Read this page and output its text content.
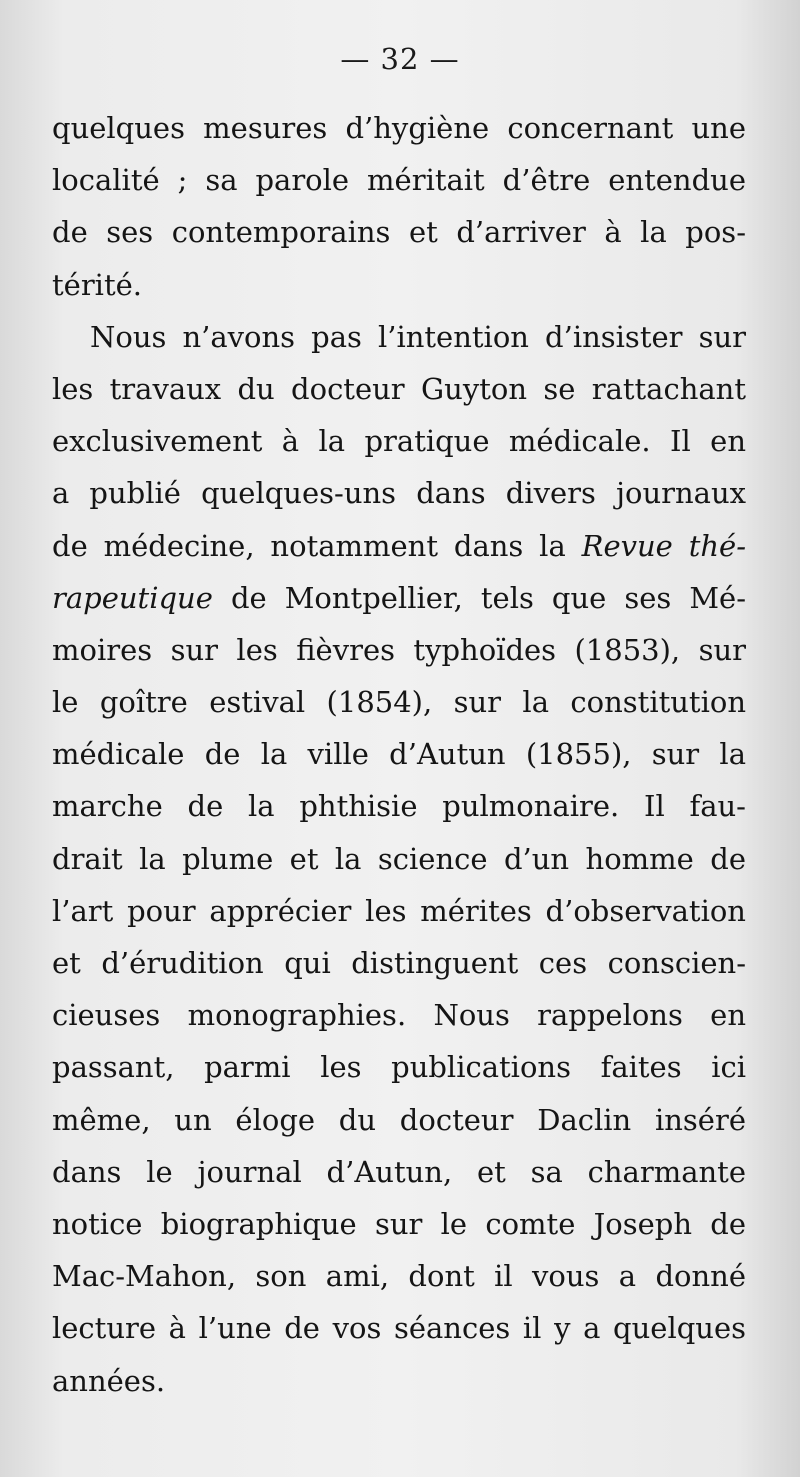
— 32 —
quelques mesures d’hygiène concernant une
localité ; sa parole méritait d’être entendue
de ses contemporains et d’arriver à la pos-
térité.
Nous n’avons pas l’intention d’insister sur
les travaux du docteur Guyton se rattachant
exclusivement à la pratique médicale. Il en
a publié quelques-uns dans divers journaux
de médecine, notamment dans la Revue thé-
rapeutique de Montpellier, tels que ses Mé-
moires sur les fièvres typhoïdes (1853), sur
le goître estival (1854), sur la constitution
médicale de la ville d’Autun (1855), sur la
marche de la phthisie pulmonaire. Il fau-
drait la plume et la science d’un homme de
l’art pour apprécier les mérites d’observation
et d’érudition qui distinguent ces conscien-
cieuses monographies. Nous rappelons en
passant, parmi les publications faites ici
même, un éloge du docteur Daclin inséré
dans le journal d’Autun, et sa charmante
notice biographique sur le comte Joseph de
Mac-Mahon, son ami, dont il vous a donné
lecture à l’une de vos séances il y a quelques
années.
